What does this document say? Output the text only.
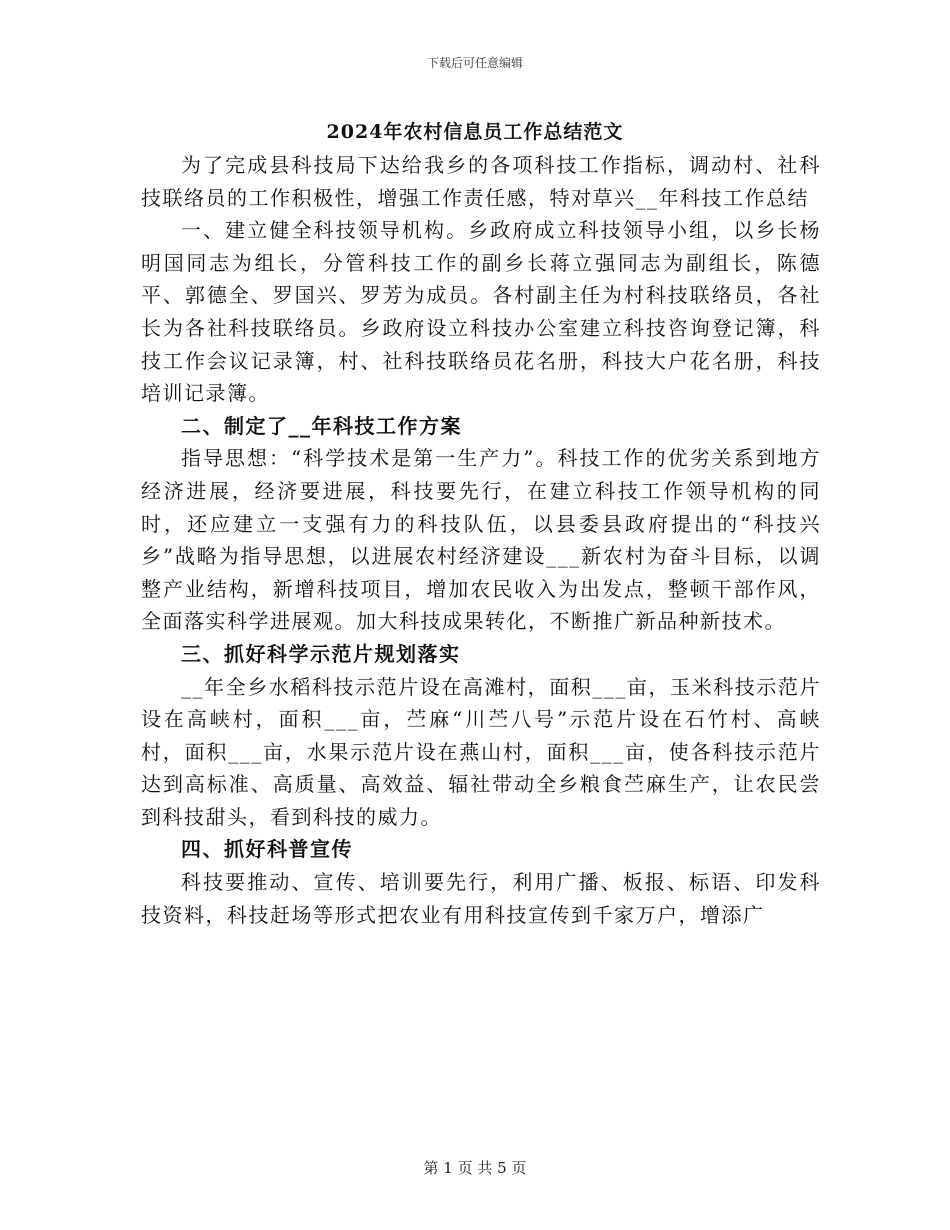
下载后可任意编辑
2024年农村信息员工作总结范文

为了完成县科技局下达给我乡的各项科技工作指标，调动村、社科技联络员的工作积极性，增强工作责任感，特对草兴__年科技工作总结

一、建立健全科技领导机构。乡政府成立科技领导小组，以乡长杨明国同志为组长，分管科技工作的副乡长蒋立强同志为副组长，陈德平、郭德全、罗国兴、罗芳为成员。各村副主任为村科技联络员，各社长为各社科技联络员。乡政府设立科技办公室建立科技咨询登记簿，科技工作会议记录簿，村、社科技联络员花名册，科技大户花名册，科技培训记录簿。

二、制定了__年科技工作方案

指导思想：“科学技术是第一生产力”。科技工作的优劣关系到地方经济进展，经济要进展，科技要先行，在建立科技工作领导机构的同时，还应建立一支强有力的科技队伍，以县委县政府提出的“科技兴乡”战略为指导思想，以进展农村经济建设___新农村为奋斗目标，以调整产业结构，新增科技项目，增加农民收入为出发点，整顿干部作风，全面落实科学进展观。加大科技成果转化，不断推广新品种新技术。

三、抓好科学示范片规划落实

__年全乡水稻科技示范片设在高滩村，面积___亩，玉米科技示范片设在高峡村，面积___亩，苎麻“川苎八号”示范片设在石竹村、高峡村，面积___亩，水果示范片设在燕山村，面积___亩，使各科技示范片达到高标准、高质量、高效益、辐社带动全乡粮食苎麻生产，让农民尝到科技甜头，看到科技的威力。

四、抓好科普宣传

科技要推动、宣传、培训要先行，利用广播、板报、标语、印发科技资料，科技赶场等形式把农业有用科技宣传到千家万户，增添广

第 1 页 共 5 页
